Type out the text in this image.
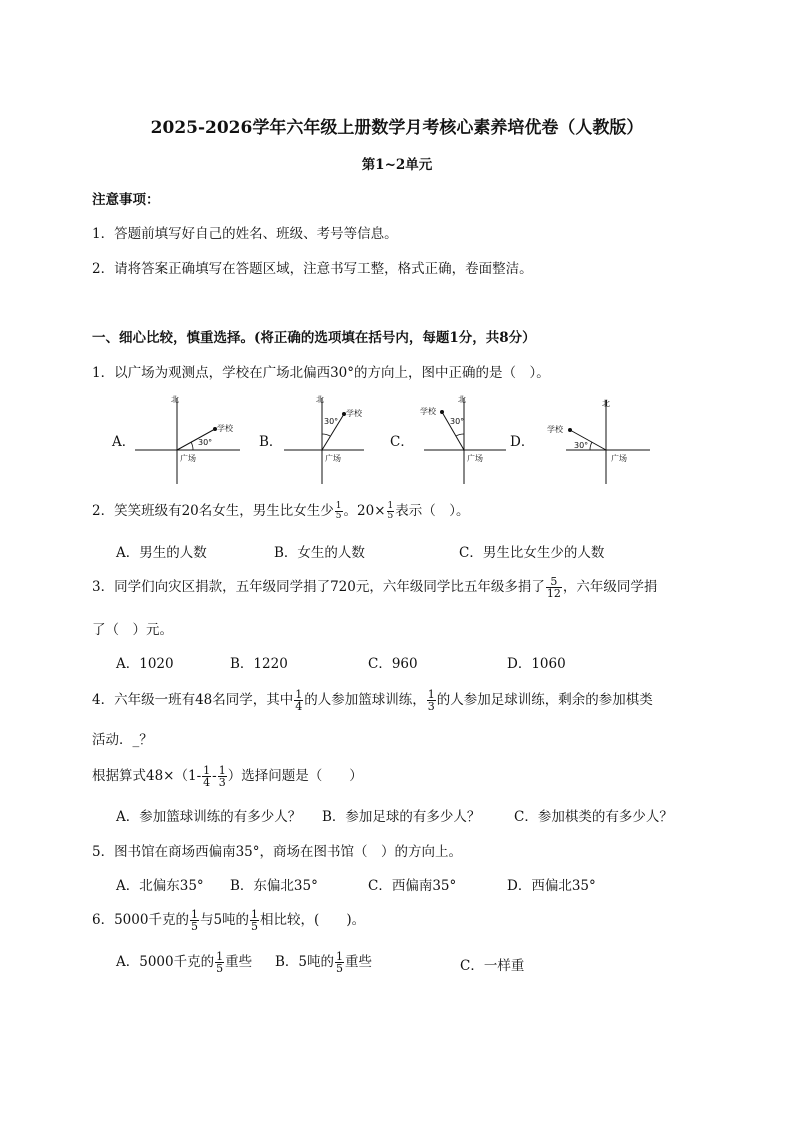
2025-2026学年六年级上册数学月考核心素养培优卷（人教版）
第1~2单元
注意事项：
1．答题前填写好自己的姓名、班级、考号等信息。
2．请将答案正确填写在答题区域，注意书写工整，格式正确，卷面整洁。
一、细心比较，慎重选择。(将正确的选项填在括号内，每题1分，共8分）
1．以广场为观测点，学校在广场北偏西30°的方向上，图中正确的是（　）。
A．	B．	C．	D．
北
学校
30°
广场
北
学校
30°
广场
北
学校
30°
广场
北
学校
30°
广场
2．笑笑班级有20名女生，男生比女生少 $\frac{1}{5}$ 。$20\times \frac{1}{5}$ 表示（　）。
A．男生的人数	B．女生的人数	C．男生比女生少的人数
3．同学们向灾区捐款，五年级同学捐了720元，六年级同学比五年级多捐了 $\frac{5}{12}$ ，六年级同学捐
了（　）元。
A．1020	B．1220	C．960	D．1060
4．六年级一班有48名同学，其中 $\frac{1}{4}$ 的人参加篮球训练， $\frac{1}{3}$ 的人参加足球训练，剩余的参加棋类
活动．_？
根据算式$48\times(1- \frac{1}{4} - \frac{1}{3}$ ）选择问题是（　　）
A．参加篮球训练的有多少人？ B．参加足球的有多少人？ C．参加棋类的有多少人？
5．图书馆在商场西偏南35°，商场在图书馆（　）的方向上。
A．北偏东35° B．东偏北35°	C．西偏南35°	D．西偏北35°
6．5000千克的 $\frac{1}{5}$ 与5吨的 $\frac{1}{5}$ 相比较，(　　)。
A．5000千克的 $\frac{1}{5}$ 重些 B．5吨的 $\frac{1}{5}$ 重些	C．一样重
